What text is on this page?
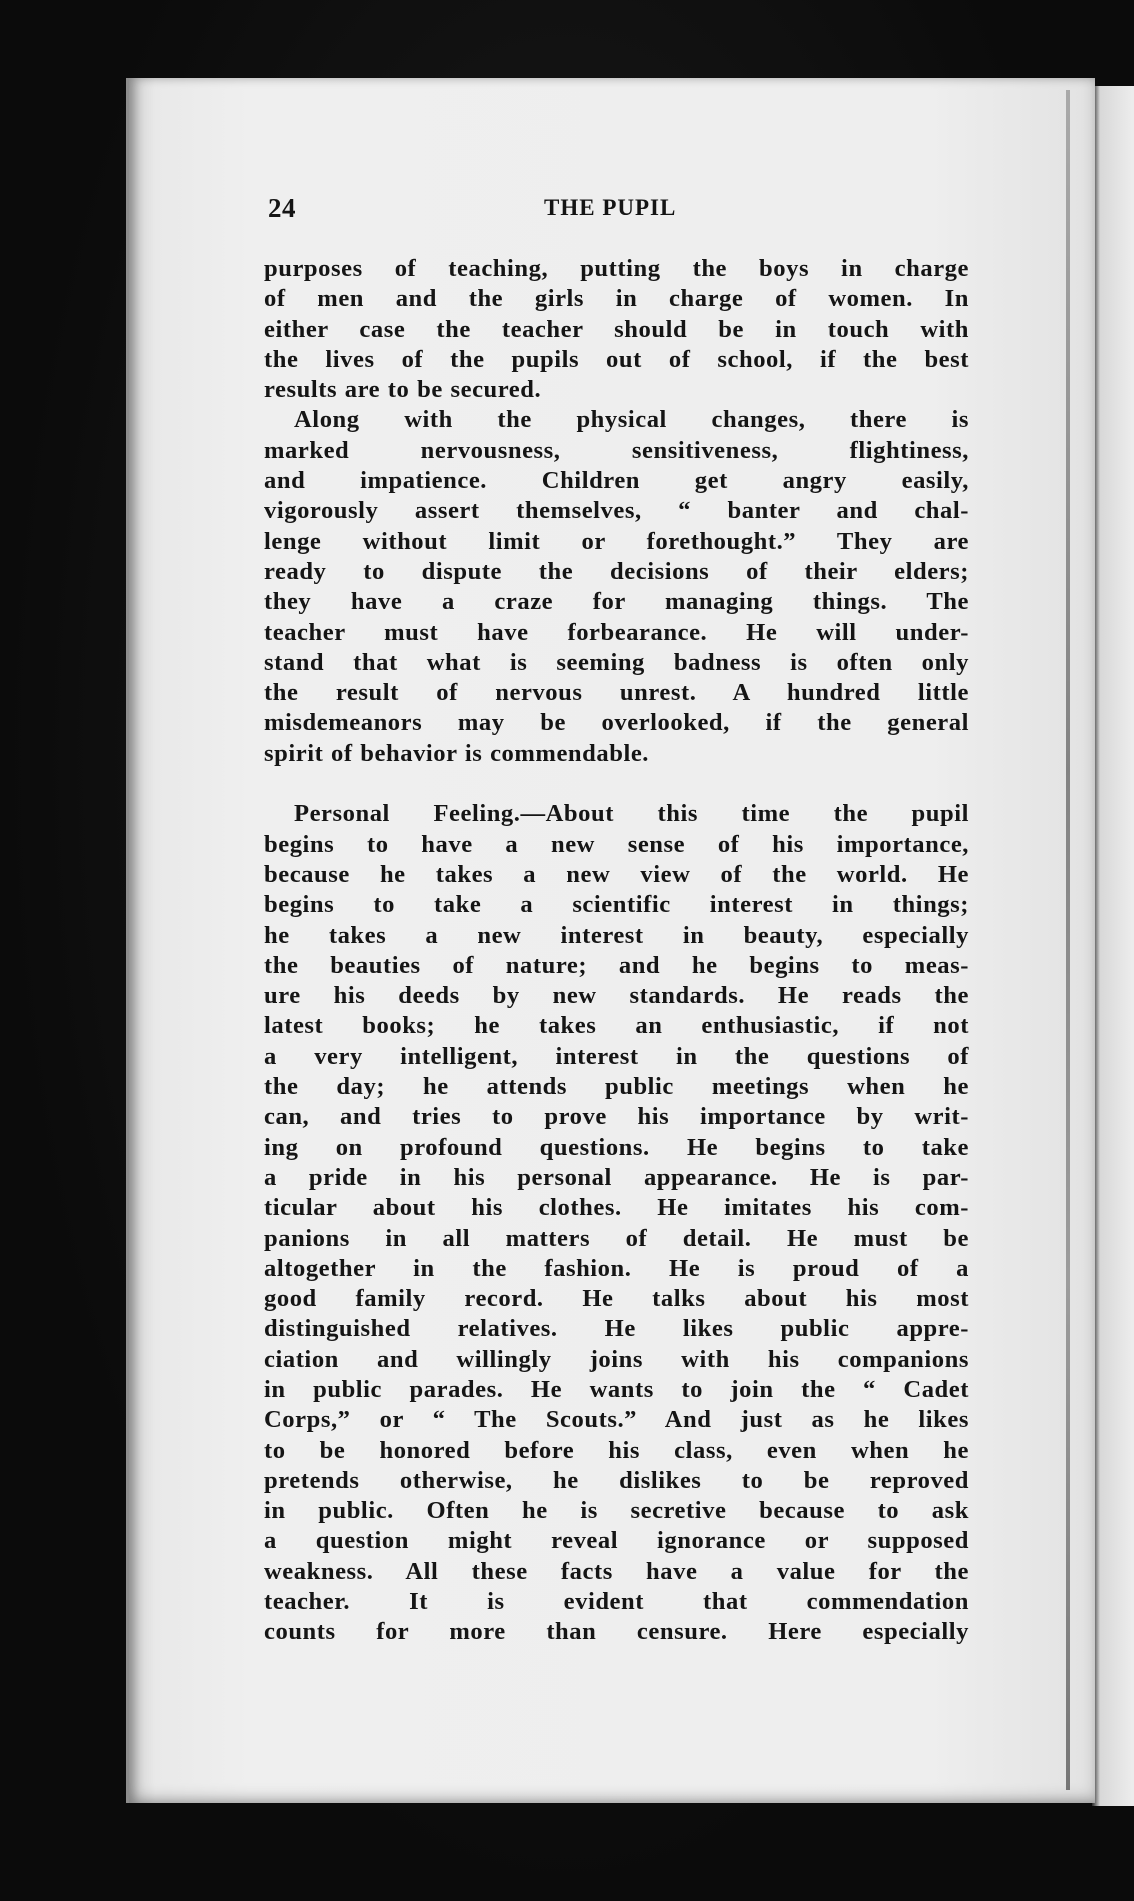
24	THE PUPIL
purposes of teaching, putting the boys in charge
of men and the girls in charge of women. In
either case the teacher should be in touch with
the lives of the pupils out of school, if the best
results are to be secured.
Along with the physical changes, there is
marked nervousness, sensitiveness, flightiness,
and impatience. Children get angry easily,
vigorously assert themselves, “ banter and chal-
lenge without limit or forethought.” They are
ready to dispute the decisions of their elders;
they have a craze for managing things. The
teacher must have forbearance. He will under-
stand that what is seeming badness is often only
the result of nervous unrest. A hundred little
misdemeanors may be overlooked, if the general
spirit of behavior is commendable.
Personal Feeling.—About this time the pupil
begins to have a new sense of his importance,
because he takes a new view of the world. He
begins to take a scientific interest in things;
he takes a new interest in beauty, especially
the beauties of nature; and he begins to meas-
ure his deeds by new standards. He reads the
latest books; he takes an enthusiastic, if not
a very intelligent, interest in the questions of
the day; he attends public meetings when he
can, and tries to prove his importance by writ-
ing on profound questions. He begins to take
a pride in his personal appearance. He is par-
ticular about his clothes. He imitates his com-
panions in all matters of detail. He must be
altogether in the fashion. He is proud of a
good family record. He talks about his most
distinguished relatives. He likes public appre-
ciation and willingly joins with his companions
in public parades. He wants to join the “ Cadet
Corps,” or “ The Scouts.” And just as he likes
to be honored before his class, even when he
pretends otherwise, he dislikes to be reproved
in public. Often he is secretive because to ask
a question might reveal ignorance or supposed
weakness. All these facts have a value for the
teacher. It is evident that commendation
counts for more than censure. Here especially
